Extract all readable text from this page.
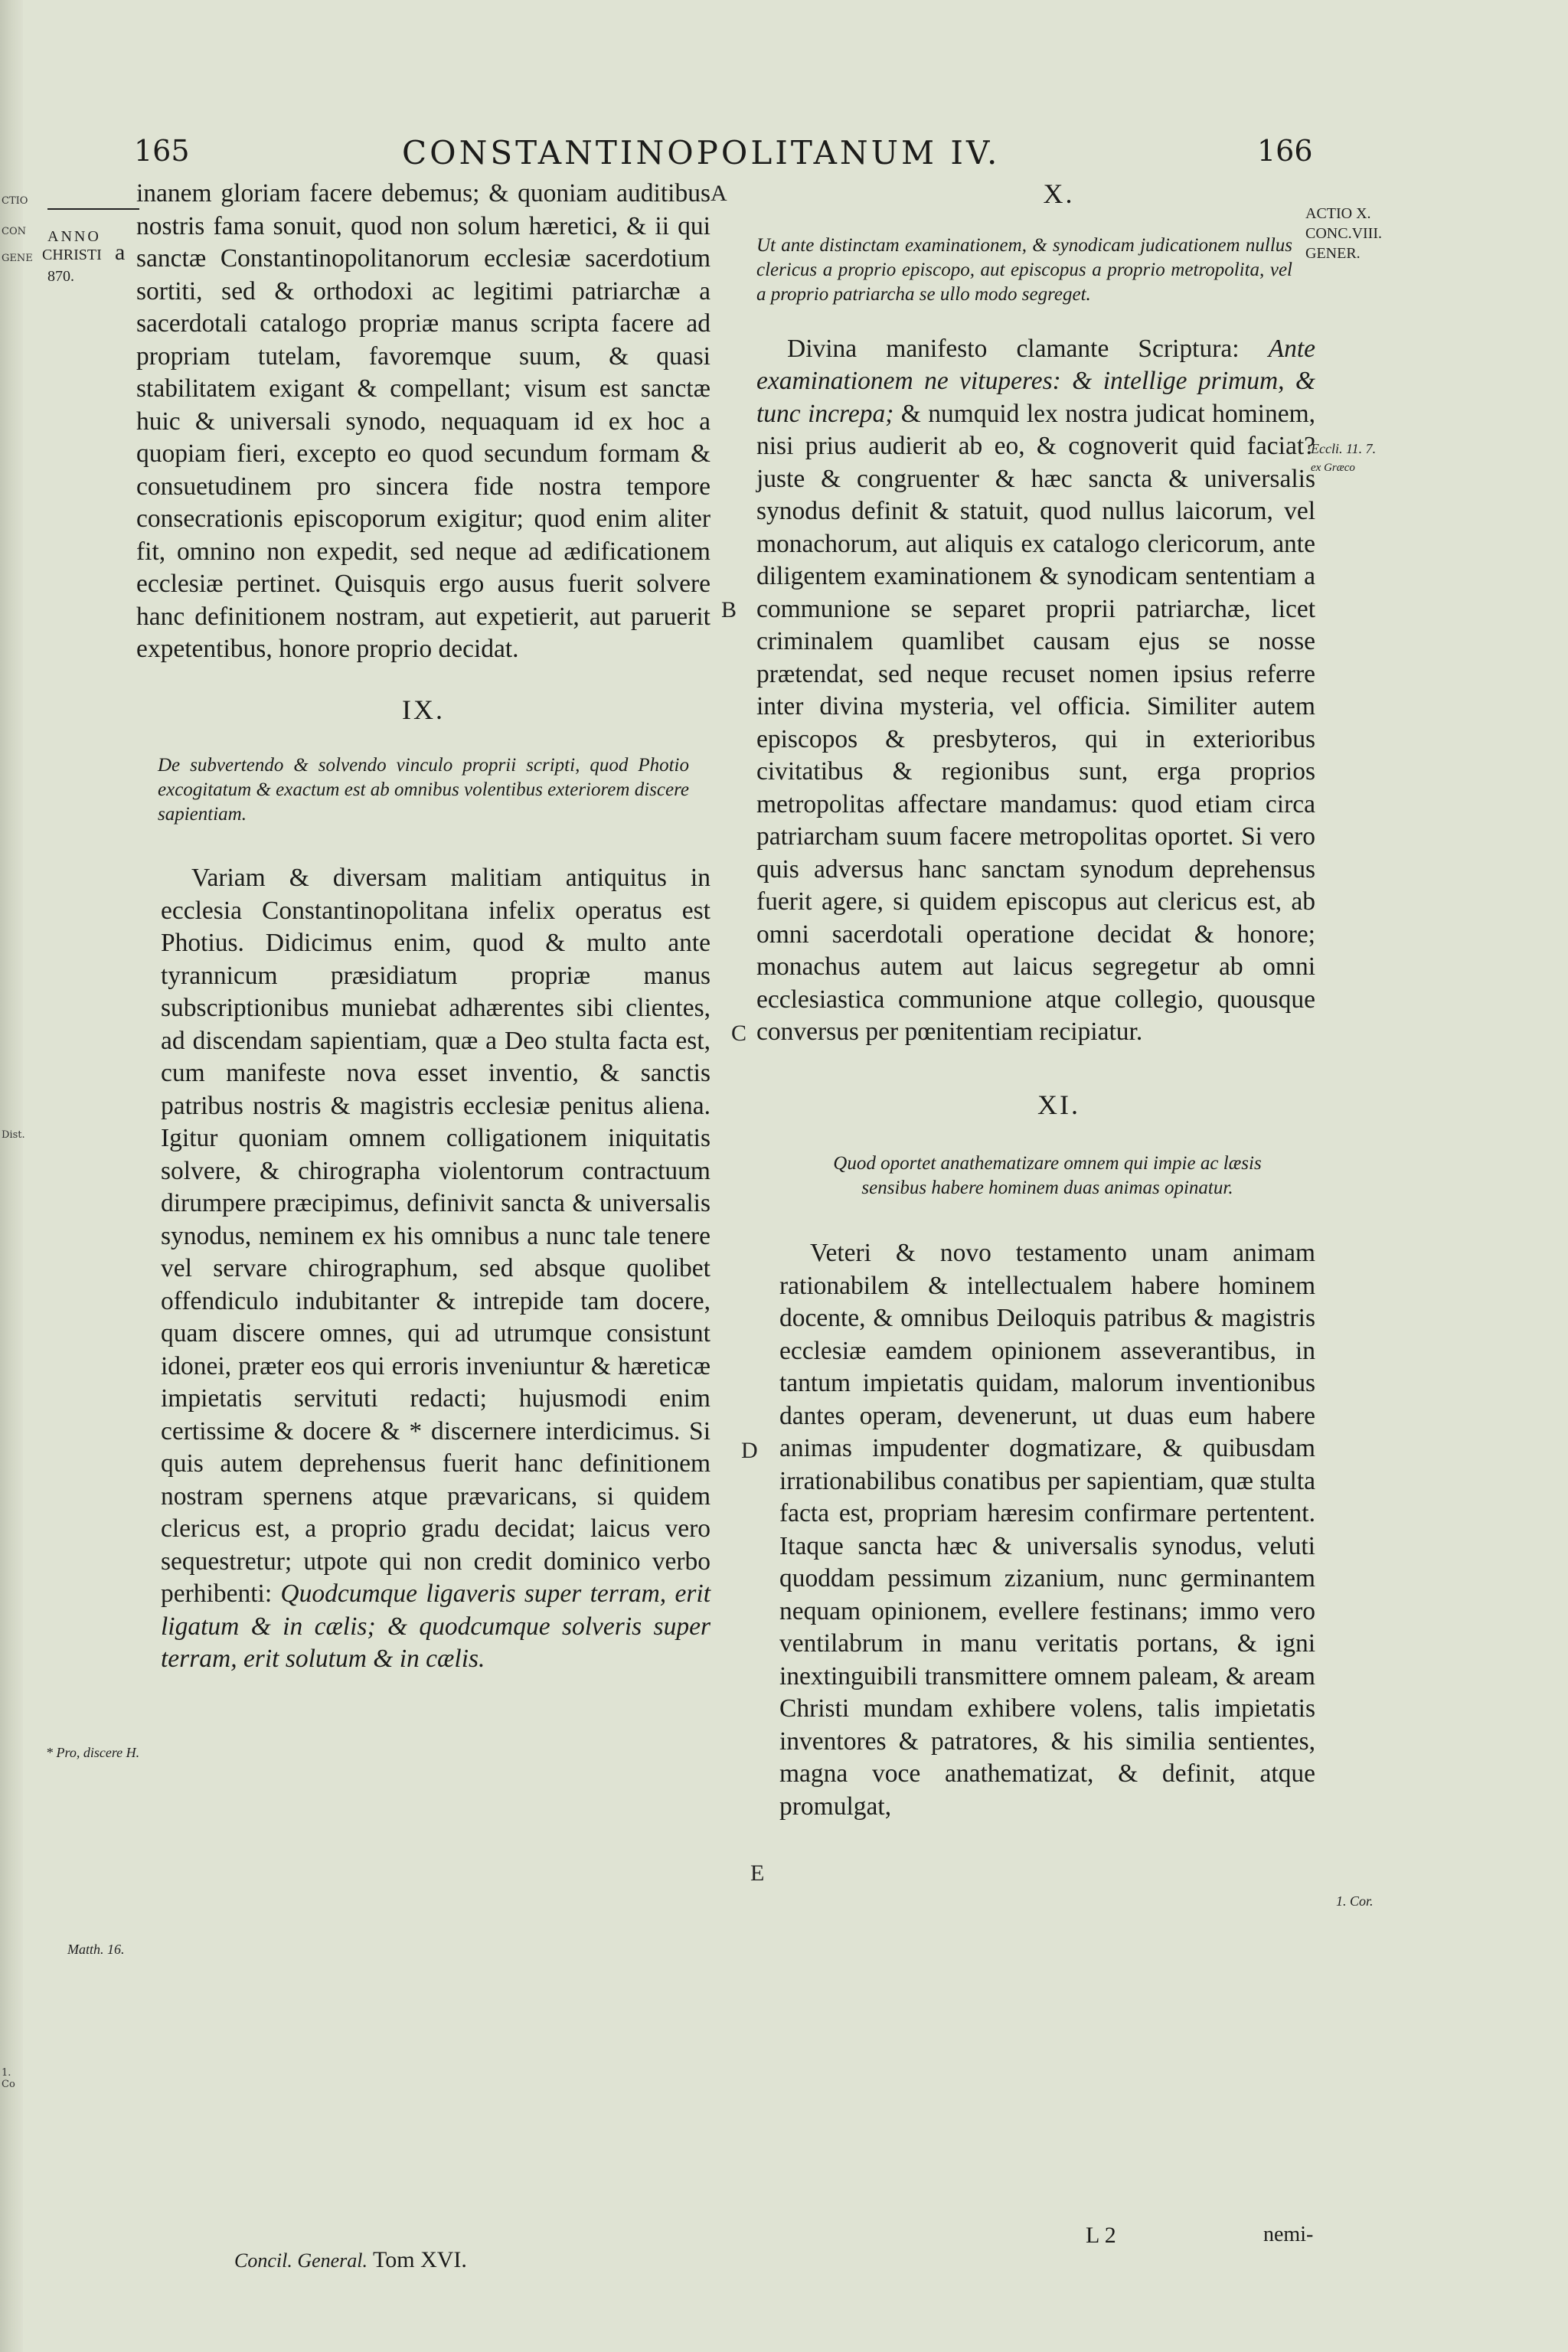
CTIO
CON
GENE
Dist.
1. Co
165	CONSTANTINOPOLITANUM IV.	166
ANNO
CHRISTI a
870.
* Pro, discere H.
Matth. 16.
ACTIO X.
CONC.VIII.
GENER.
Eccli. 11. 7.
ex Græco
1. Cor.
A
B
C
D
E

inanem gloriam facere debemus; & quoniam auditibus nostris fama sonuit, quod non solum hæretici, & ii qui sanctæ Constantinopolitanorum ecclesiæ sacerdotium sortiti, sed & orthodoxi ac legitimi patriarchæ a sacerdotali catalogo propriæ manus scripta facere ad propriam tutelam, favoremque suum, & quasi stabilitatem exigant & compellant; visum est sanctæ huic & universali synodo, nequaquam id ex hoc a quopiam fieri, excepto eo quod secundum formam & consuetudinem pro sincera fide nostra tempore consecrationis episcoporum exigitur; quod enim aliter fit, omnino non expedit, sed neque ad ædificationem ecclesiæ pertinet. Quisquis ergo ausus fuerit solvere hanc definitionem nostram, aut expetierit, aut paruerit expetentibus, honore proprio decidat.

IX.

De subvertendo & solvendo vinculo proprii scripti, quod Photio excogitatum & exactum est ab omnibus volentibus exteriorem discere sapientiam.

Variam & diversam malitiam antiquitus in ecclesia Constantinopolitana infelix operatus est Photius. Didicimus enim, quod & multo ante tyrannicum præsidiatum propriæ manus subscriptionibus muniebat adhærentes sibi clientes, ad discendam sapientiam, quæ a Deo stulta facta est, cum manifeste nova esset inventio, & sanctis patribus nostris & magistris ecclesiæ penitus aliena. Igitur quoniam omnem colligationem iniquitatis solvere, & chirographa violentorum contractuum dirumpere præcipimus, definivit sancta & universalis synodus, neminem ex his omnibus a nunc tale tenere vel servare chirographum, sed absque quolibet offendiculo indubitanter & intrepide tam docere, quam discere omnes, qui ad utrumque consistunt idonei, præter eos qui erroris inveniuntur & hæreticæ impietatis servituti redacti; hujusmodi enim certissime & docere & * discernere interdicimus. Si quis autem deprehensus fuerit hanc definitionem nostram spernens atque prævaricans, si quidem clericus est, a proprio gradu decidat; laicus vero sequestretur; utpote qui non credit dominico verbo perhibenti: Quodcumque ligaveris super terram, erit ligatum & in cælis; & quodcumque solveris super terram, erit solutum & in cælis.

X.

Ut ante distinctam examinationem, & synodicam judicationem nullus clericus a proprio episcopo, aut episcopus a proprio metropolita, vel a proprio patriarcha se ullo modo segreget.

Divina manifesto clamante Scriptura: Ante examinationem ne vituperes: & intellige primum, & tunc increpa; & numquid lex nostra judicat hominem, nisi prius audierit ab eo, & cognoverit quid faciat? juste & congruenter & hæc sancta & universalis synodus definit & statuit, quod nullus laicorum, vel monachorum, aut aliquis ex catalogo clericorum, ante diligentem examinationem & synodicam sententiam a communione se separet proprii patriarchæ, licet criminalem quamlibet causam ejus se nosse prætendat, sed neque recuset nomen ipsius referre inter divina mysteria, vel officia. Similiter autem episcopos & presbyteros, qui in exterioribus civitatibus & regionibus sunt, erga proprios metropolitas affectare mandamus: quod etiam circa patriarcham suum facere metropolitas oportet. Si vero quis adversus hanc sanctam synodum deprehensus fuerit agere, si quidem episcopus aut clericus est, ab omni sacerdotali operatione decidat & honore; monachus autem aut laicus segregetur ab omni ecclesiastica communione atque collegio, quousque conversus per pœnitentiam recipiatur.

XI.

Quod oportet anathematizare omnem qui impie ac læsis sensibus habere hominem duas animas opinatur.

Veteri & novo testamento unam animam rationabilem & intellectualem habere hominem docente, & omnibus Deiloquis patribus & magistris ecclesiæ eamdem opinionem asseverantibus, in tantum impietatis quidam, malorum inventionibus dantes operam, devenerunt, ut duas eum habere animas impudenter dogmatizare, & quibusdam irrationabilibus conatibus per sapientiam, quæ stulta facta est, propriam hæresim confirmare pertentent. Itaque sancta hæc & universalis synodus, veluti quoddam pessimum zizanium, nunc germinantem nequam opinionem, evellere festinans; immo vero ventilabrum in manu veritatis portans, & igni inextinguibili transmittere omnem paleam, & aream Christi mundam exhibere volens, talis impietatis inventores & patratores, & his similia sentientes, magna voce anathematizat, & definit, atque promulgat,

Concil. General. Tom XVI.
L 2	nemi-
